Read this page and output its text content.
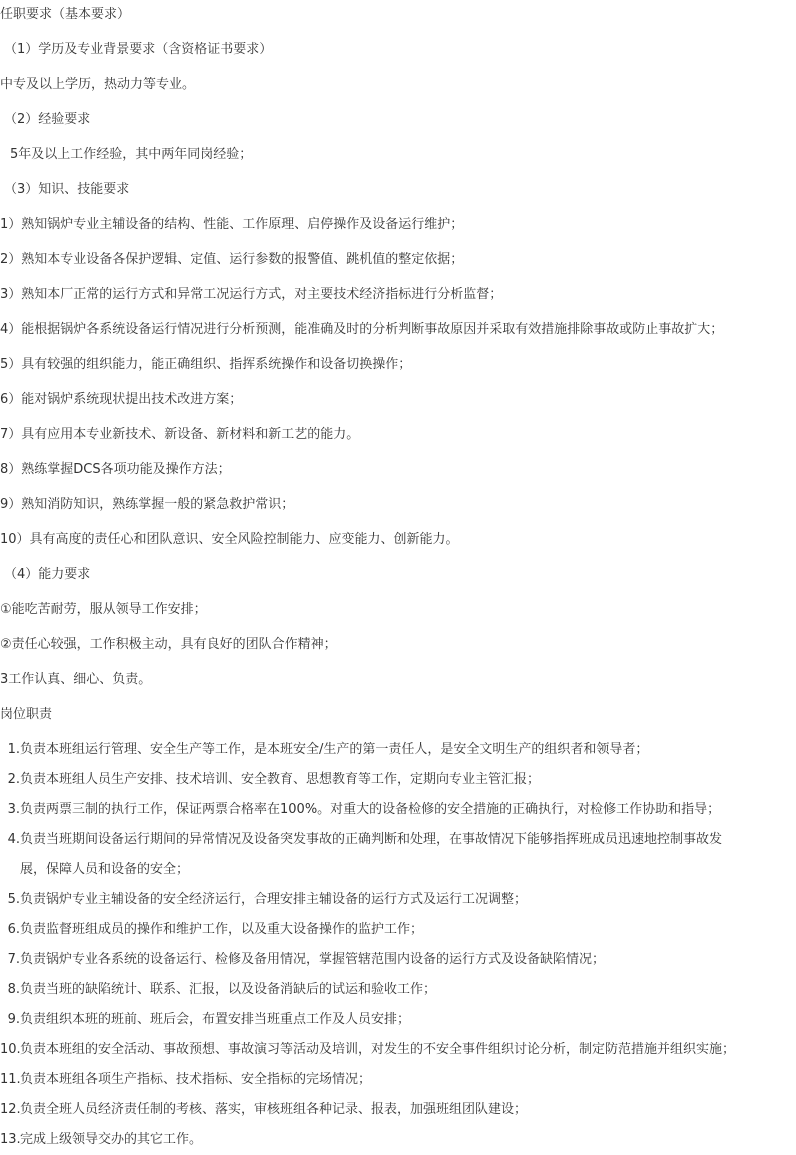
任职要求（基本要求）
（1）学历及专业背景要求（含资格证书要求）
中专及以上学历，热动力等专业。
（2）经验要求
5年及以上工作经验，其中两年同岗经验；
（3）知识、技能要求
1）熟知锅炉专业主辅设备的结构、性能、工作原理、启停操作及设备运行维护；
2）熟知本专业设备各保护逻辑、定值、运行参数的报警值、跳机值的整定依据；
3）熟知本厂正常的运行方式和异常工况运行方式，对主要技术经济指标进行分析监督；
4）能根据锅炉各系统设备运行情况进行分析预测，能准确及时的分析判断事故原因并采取有效措施排除事故或防止事故扩大；
5）具有较强的组织能力，能正确组织、指挥系统操作和设备切换操作；
6）能对锅炉系统现状提出技术改进方案；
7）具有应用本专业新技术、新设备、新材料和新工艺的能力。
8）熟练掌握DCS各项功能及操作方法；
9）熟知消防知识，熟练掌握一般的紧急救护常识；
10）具有高度的责任心和团队意识、安全风险控制能力、应变能力、创新能力。
（4）能力要求
①能吃苦耐劳，服从领导工作安排；
②责任心较强，工作积极主动，具有良好的团队合作精神；
3工作认真、细心、负责。
岗位职责
1. 负责本班组运行管理、安全生产等工作，是本班安全/生产的第一责任人，是安全文明生产的组织者和领导者；
2. 负责本班组人员生产安排、技术培训、安全教育、思想教育等工作，定期向专业主管汇报；
3. 负责两票三制的执行工作，保证两票合格率在100%。对重大的设备检修的安全措施的正确执行，对检修工作协助和指导；
4. 负责当班期间设备运行期间的异常情况及设备突发事故的正确判断和处理，在事故情况下能够指挥班成员迅速地控制事故发
展，保障人员和设备的安全；
5. 负责锅炉专业主辅设备的安全经济运行，合理安排主辅设备的运行方式及运行工况调整；
6. 负责监督班组成员的操作和维护工作，以及重大设备操作的监护工作；
7. 负责锅炉专业各系统的设备运行、检修及备用情况，掌握管辖范围内设备的运行方式及设备缺陷情况；
8. 负责当班的缺陷统计、联系、汇报，以及设备消缺后的试运和验收工作；
9. 负责组织本班的班前、班后会，布置安排当班重点工作及人员安排；
10. 负责本班组的安全活动、事故预想、事故演习等活动及培训，对发生的不安全事件组织讨论分析，制定防范措施并组织实施；
11. 负责本班组各项生产指标、技术指标、安全指标的完场情况；
12. 负责全班人员经济责任制的考核、落实，审核班组各种记录、报表，加强班组团队建设；
13. 完成上级领导交办的其它工作。
